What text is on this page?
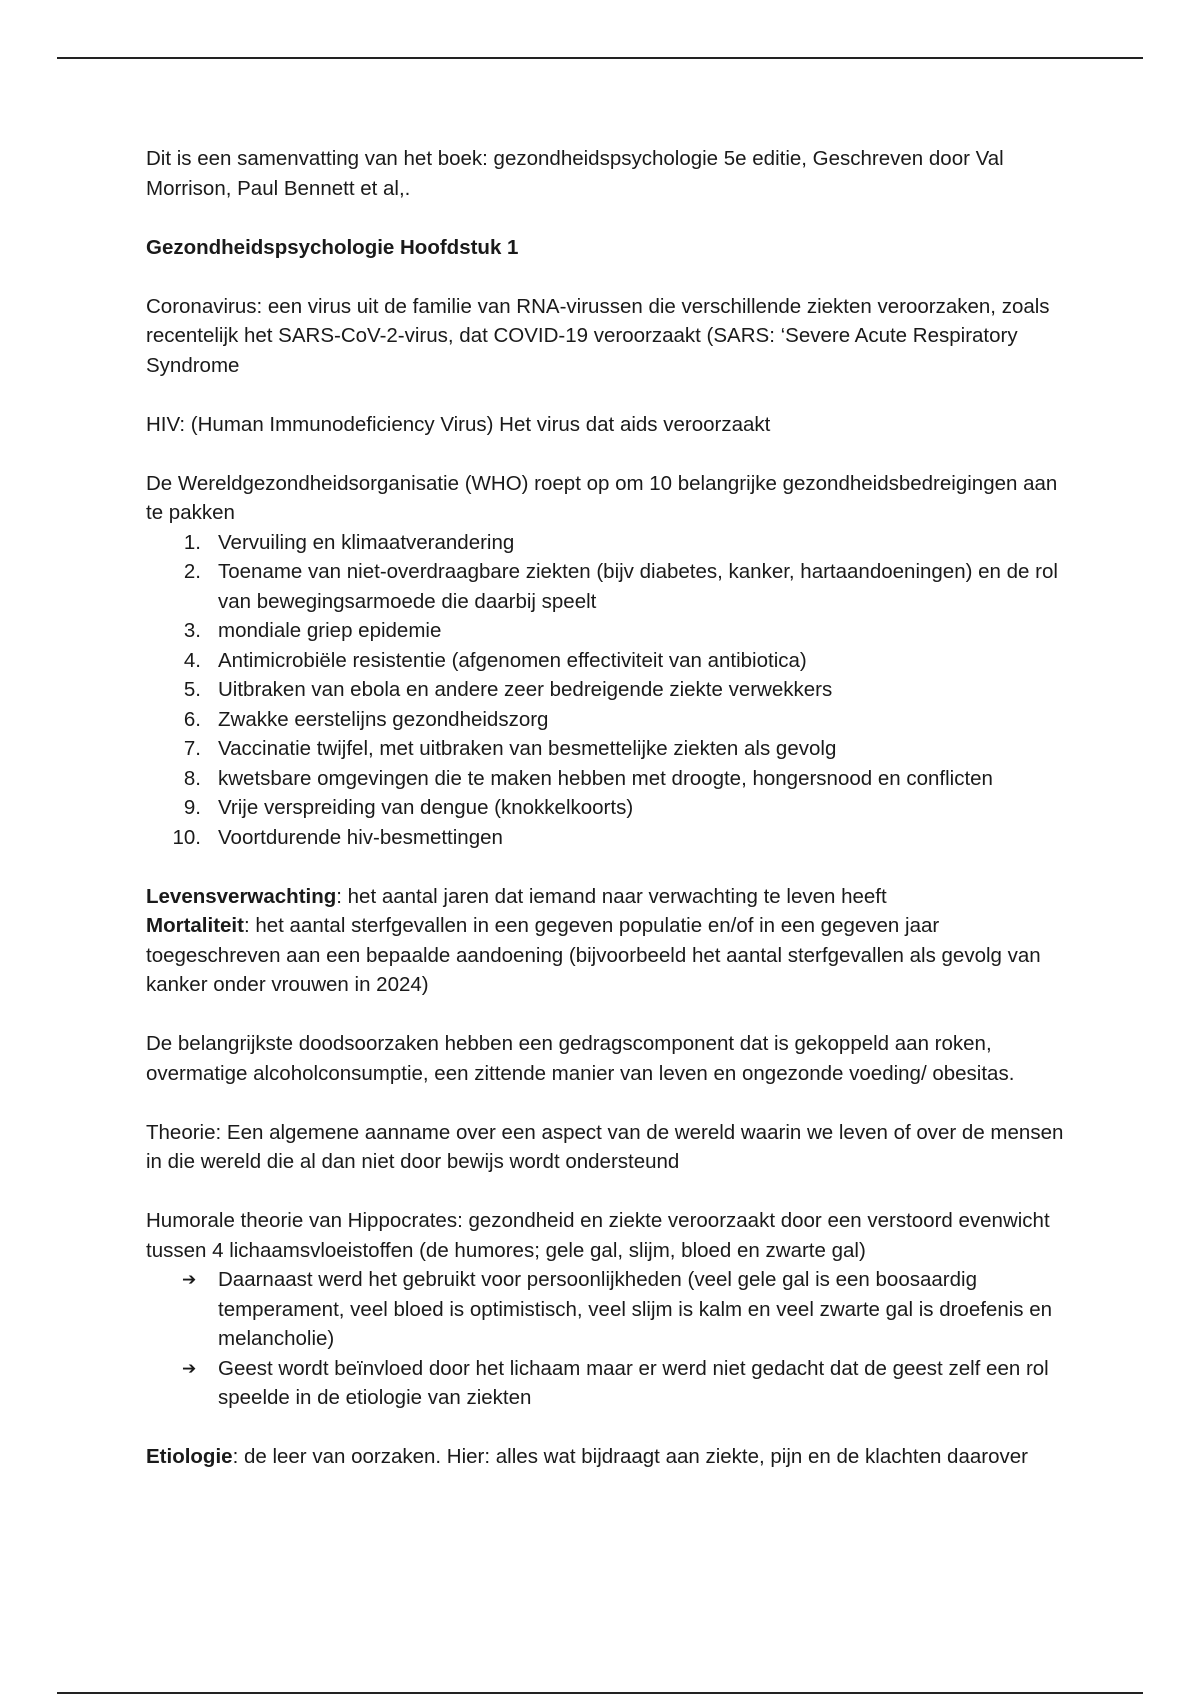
Dit is een samenvatting van het boek: gezondheidspsychologie 5e editie, Geschreven door Val Morrison, Paul Bennett et al,.

Gezondheidspsychologie Hoofdstuk 1

Coronavirus: een virus uit de familie van RNA-virussen die verschillende ziekten veroorzaken, zoals recentelijk het SARS-CoV-2-virus, dat COVID-19 veroorzaakt (SARS: ‘Severe Acute Respiratory Syndrome

HIV: (Human Immunodeficiency Virus) Het virus dat aids veroorzaakt

De Wereldgezondheidsorganisatie (WHO) roept op om 10 belangrijke gezondheidsbedreigingen aan te pakken

1. Vervuiling en klimaatverandering
2. Toename van niet-overdraagbare ziekten (bijv diabetes, kanker, hartaandoeningen) en de rol van bewegingsarmoede die daarbij speelt
3. mondiale griep epidemie
4. Antimicrobiële resistentie (afgenomen effectiviteit van antibiotica)
5. Uitbraken van ebola en andere zeer bedreigende ziekte verwekkers
6. Zwakke eerstelijns gezondheidszorg
7. Vaccinatie twijfel, met uitbraken van besmettelijke ziekten als gevolg
8. kwetsbare omgevingen die te maken hebben met droogte, hongersnood en conflicten
9. Vrije verspreiding van dengue (knokkelkoorts)
10. Voortdurende hiv-besmettingen

Levensverwachting: het aantal jaren dat iemand naar verwachting te leven heeft

Mortaliteit: het aantal sterfgevallen in een gegeven populatie en/of in een gegeven jaar toegeschreven aan een bepaalde aandoening (bijvoorbeeld het aantal sterfgevallen als gevolg van kanker onder vrouwen in 2024)

De belangrijkste doodsoorzaken hebben een gedragscomponent dat is gekoppeld aan roken, overmatige alcoholconsumptie, een zittende manier van leven en ongezonde voeding/ obesitas.

Theorie: Een algemene aanname over een aspect van de wereld waarin we leven of over de mensen in die wereld die al dan niet door bewijs wordt ondersteund

Humorale theorie van Hippocrates: gezondheid en ziekte veroorzaakt door een verstoord evenwicht tussen 4 lichaamsvloeistoffen (de humores; gele gal, slijm, bloed en zwarte gal)

➔ Daarnaast werd het gebruikt voor persoonlijkheden (veel gele gal is een boosaardig temperament, veel bloed is optimistisch, veel slijm is kalm en veel zwarte gal is droefenis en melancholie)
➔ Geest wordt beïnvloed door het lichaam maar er werd niet gedacht dat de geest zelf een rol speelde in de etiologie van ziekten

Etiologie: de leer van oorzaken. Hier: alles wat bijdraagt aan ziekte, pijn en de klachten daarover
